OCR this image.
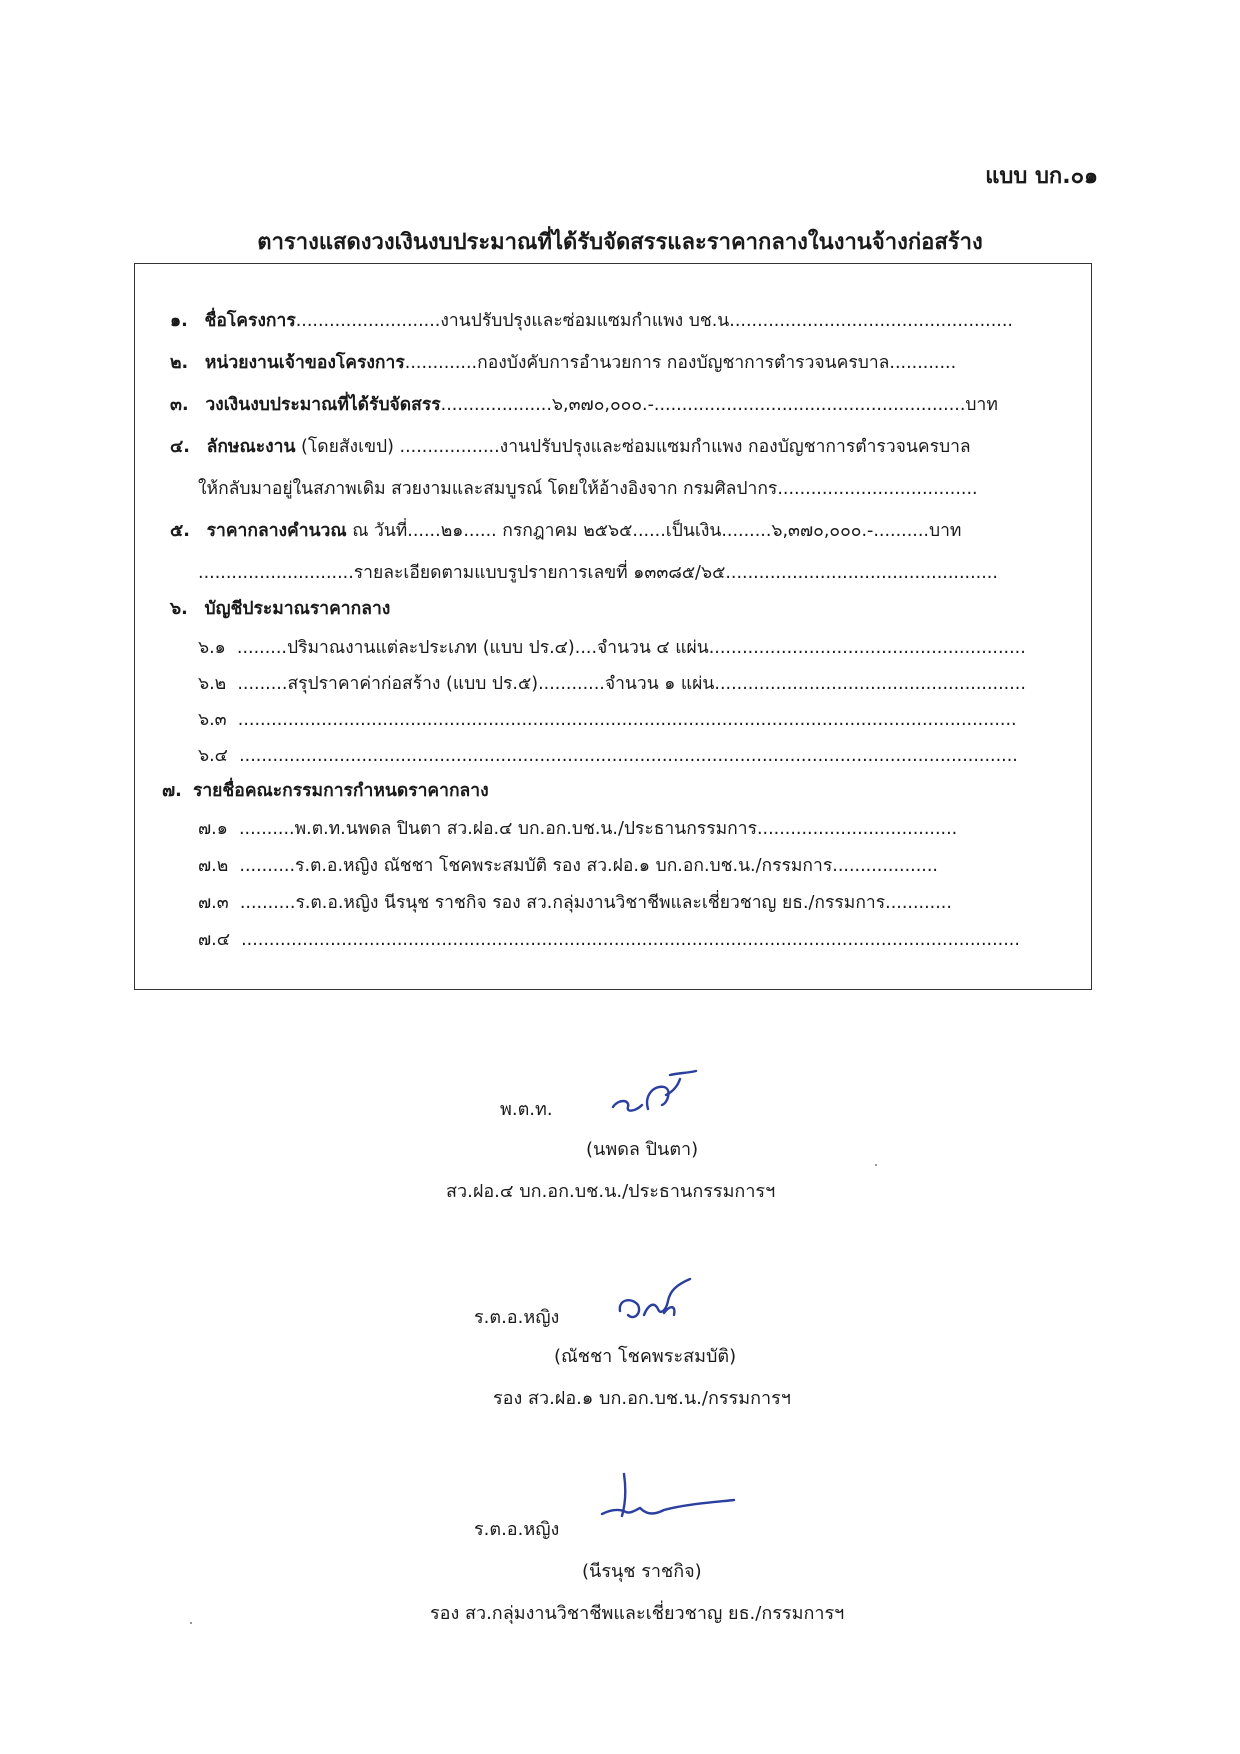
แบบ บก.๐๑
ตารางแสดงวงเงินงบประมาณที่ได้รับจัดสรรและราคากลางในงานจ้างก่อสร้าง
๑. ชื่อโครงการ..........................งานปรับปรุงและซ่อมแซมกำแพง บช.น...................................................
๒. หน่วยงานเจ้าของโครงการ.............กองบังคับการอำนวยการ กองบัญชาการตำรวจนครบาล............
๓. วงเงินงบประมาณที่ได้รับจัดสรร....................๖,๓๗๐,๐๐๐.-........................................................บาท
๔. ลักษณะงาน (โดยสังเขป) ..................งานปรับปรุงและซ่อมแซมกำแพง กองบัญชาการตำรวจนครบาล
ให้กลับมาอยู่ในสภาพเดิม สวยงามและสมบูรณ์ โดยให้อ้างอิงจาก กรมศิลปากร....................................
๕. ราคากลางคำนวณ ณ วันที่......๒๑...... กรกฎาคม ๒๕๖๕......เป็นเงิน.........๖,๓๗๐,๐๐๐.-..........บาท
............................รายละเอียดตามแบบรูปรายการเลขที่ ๑๓๓๘๕/๖๕.................................................
๖. บัญชีประมาณราคากลาง
๖.๑ .........ปริมาณงานแต่ละประเภท (แบบ ปร.๔)....จำนวน ๔ แผ่น.........................................................
๖.๒ .........สรุปราคาค่าก่อสร้าง (แบบ ปร.๕)............จำนวน ๑ แผ่น........................................................
๖.๓ ............................................................................................................................................
๖.๔ ............................................................................................................................................
๗. รายชื่อคณะกรรมการกำหนดราคากลาง
๗.๑ ..........พ.ต.ท.นพดล ปินตา สว.ฝอ.๔ บก.อก.บช.น./ประธานกรรมการ....................................
๗.๒ ..........ร.ต.อ.หญิง ณัชชา โชคพระสมบัติ รอง สว.ฝอ.๑ บก.อก.บช.น./กรรมการ...................
๗.๓ ..........ร.ต.อ.หญิง นีรนุช ราชกิจ รอง สว.กลุ่มงานวิชาชีพและเชี่ยวชาญ ยธ./กรรมการ............
๗.๔ ............................................................................................................................................
พ.ต.ท.
(นพดล ปินตา)
สว.ฝอ.๔ บก.อก.บช.น./ประธานกรรมการฯ
ร.ต.อ.หญิง
(ณัชชา โชคพระสมบัติ)
รอง สว.ฝอ.๑ บก.อก.บช.น./กรรมการฯ
ร.ต.อ.หญิง
(นีรนุช ราชกิจ)
รอง สว.กลุ่มงานวิชาชีพและเชี่ยวชาญ ยธ./กรรมการฯ
